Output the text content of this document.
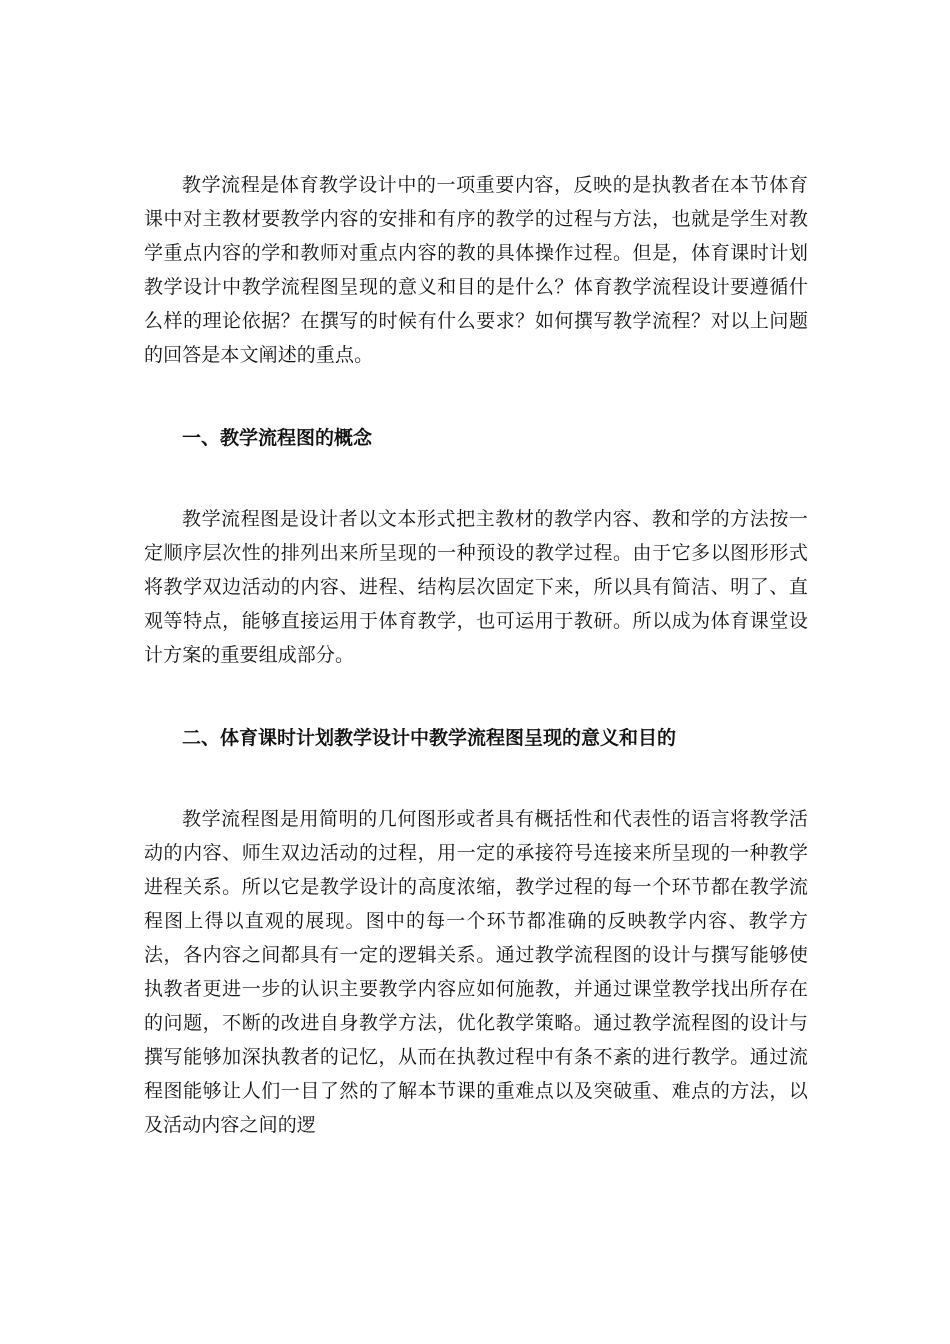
教学流程是体育教学设计中的一项重要内容，反映的是执教者在本节体育课中对主教材要教学内容的安排和有序的教学的过程与方法，也就是学生对教学重点内容的学和教师对重点内容的教的具体操作过程。但是，体育课时计划教学设计中教学流程图呈现的意义和目的是什么？体育教学流程设计要遵循什么样的理论依据？在撰写的时候有什么要求？如何撰写教学流程？对以上问题的回答是本文阐述的重点。

一、教学流程图的概念

教学流程图是设计者以文本形式把主教材的教学内容、教和学的方法按一定顺序层次性的排列出来所呈现的一种预设的教学过程。由于它多以图形形式将教学双边活动的内容、进程、结构层次固定下来，所以具有简洁、明了、直观等特点，能够直接运用于体育教学，也可运用于教研。所以成为体育课堂设计方案的重要组成部分。

二、体育课时计划教学设计中教学流程图呈现的意义和目的

教学流程图是用简明的几何图形或者具有概括性和代表性的语言将教学活动的内容、师生双边活动的过程，用一定的承接符号连接来所呈现的一种教学进程关系。所以它是教学设计的高度浓缩，教学过程的每一个环节都在教学流程图上得以直观的展现。图中的每一个环节都准确的反映教学内容、教学方法，各内容之间都具有一定的逻辑关系。通过教学流程图的设计与撰写能够使执教者更进一步的认识主要教学内容应如何施教，并通过课堂教学找出所存在的问题，不断的改进自身教学方法，优化教学策略。通过教学流程图的设计与撰写能够加深执教者的记忆，从而在执教过程中有条不紊的进行教学。通过流程图能够让人们一目了然的了解本节课的重难点以及突破重、难点的方法，以及活动内容之间的逻
